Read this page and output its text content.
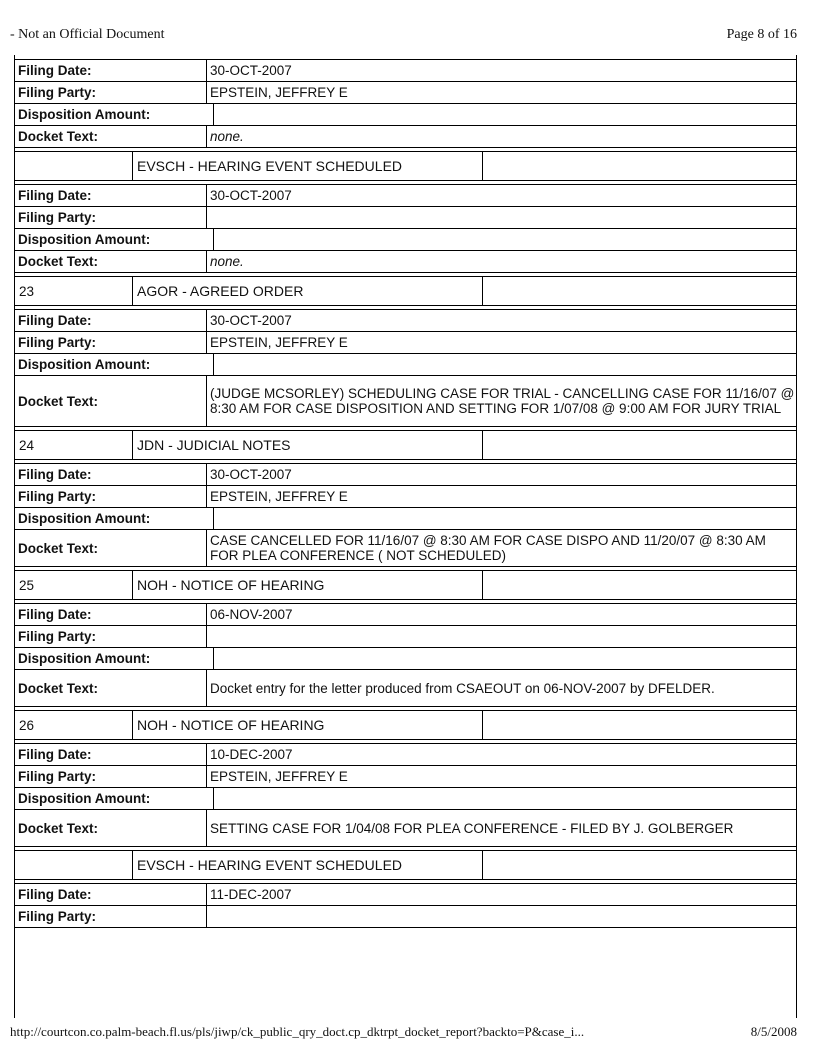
- Not an Official Document	Page 8 of 16
Filing Date:	30-OCT-2007
Filing Party:	EPSTEIN, JEFFREY E
Disposition Amount:
Docket Text:	none.
EVSCH - HEARING EVENT SCHEDULED
Filing Date:	30-OCT-2007
Filing Party:
Disposition Amount:
Docket Text:	none.
23	AGOR - AGREED ORDER
Filing Date:	30-OCT-2007
Filing Party:	EPSTEIN, JEFFREY E
Disposition Amount:
Docket Text:	(JUDGE MCSORLEY) SCHEDULING CASE FOR TRIAL - CANCELLING CASE FOR 11/16/07 @ 8:30 AM FOR CASE DISPOSITION AND SETTING FOR 1/07/08 @ 9:00 AM FOR JURY TRIAL
24	JDN - JUDICIAL NOTES
Filing Date:	30-OCT-2007
Filing Party:	EPSTEIN, JEFFREY E
Disposition Amount:
Docket Text:	CASE CANCELLED FOR 11/16/07 @ 8:30 AM FOR CASE DISPO AND 11/20/07 @ 8:30 AM FOR PLEA CONFERENCE ( NOT SCHEDULED)
25	NOH - NOTICE OF HEARING
Filing Date:	06-NOV-2007
Filing Party:
Disposition Amount:
Docket Text:	Docket entry for the letter produced from CSAEOUT on 06-NOV-2007 by DFELDER.
26	NOH - NOTICE OF HEARING
Filing Date:	10-DEC-2007
Filing Party:	EPSTEIN, JEFFREY E
Disposition Amount:
Docket Text:	SETTING CASE FOR 1/04/08 FOR PLEA CONFERENCE - FILED BY J. GOLBERGER
EVSCH - HEARING EVENT SCHEDULED
Filing Date:	11-DEC-2007
Filing Party:
http://courtcon.co.palm-beach.fl.us/pls/jiwp/ck_public_qry_doct.cp_dktrpt_docket_report?backto=P&case_i...	8/5/2008
